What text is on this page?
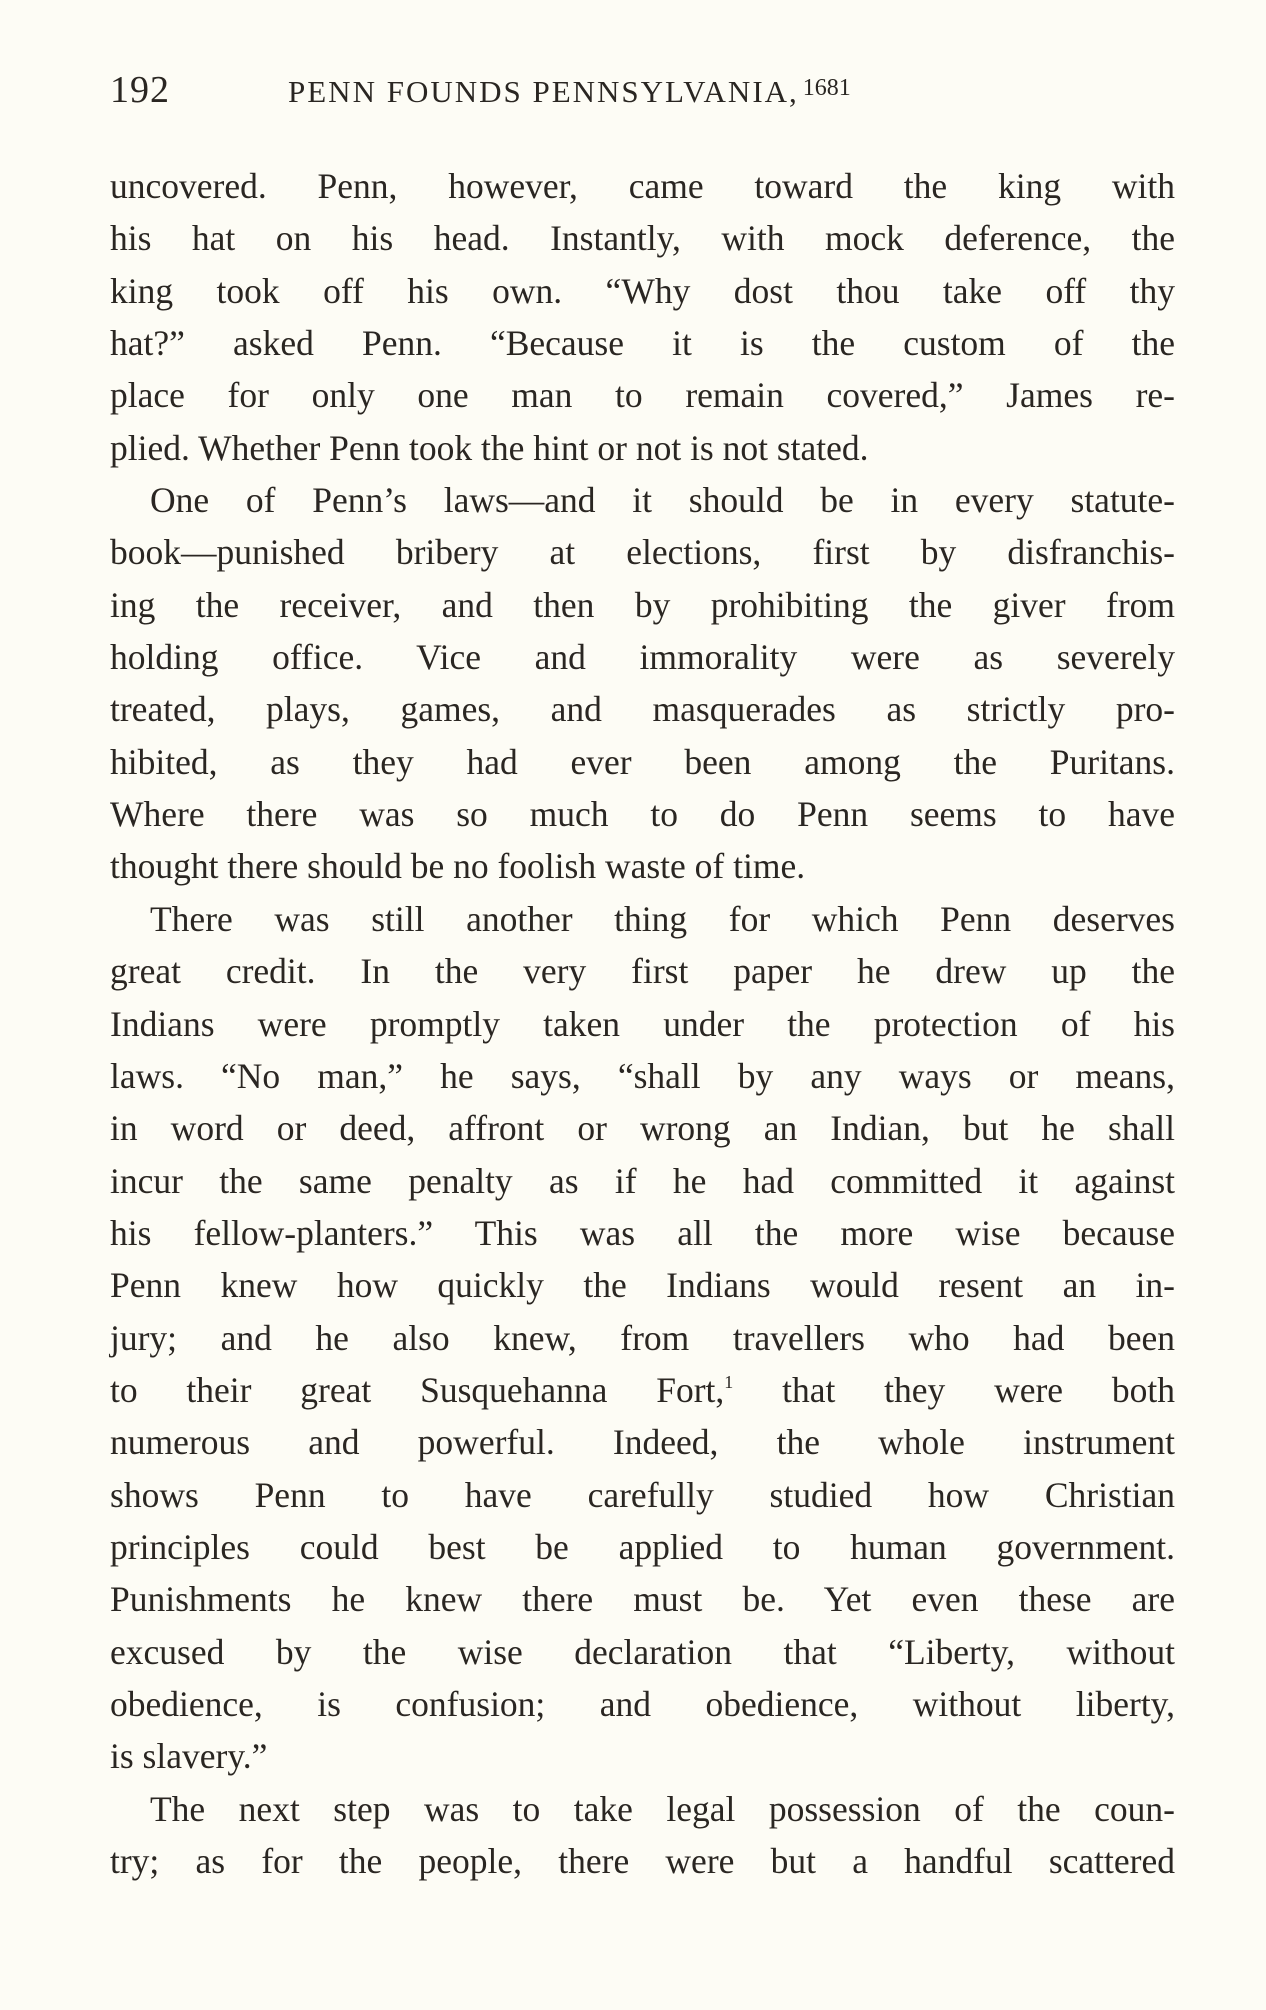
192	PENN FOUNDS PENNSYLVANIA, $^{1681}$
uncovered. Penn, however, came toward the king with
his hat on his head. Instantly, with mock deference, the
king took off his own. “Why dost thou take off thy
hat?” asked Penn. “Because it is the custom of the
place for only one man to remain covered,” James re-
plied. Whether Penn took the hint or not is not stated.
One of Penn’s laws—and it should be in every statute-
book—punished bribery at elections, first by disfranchis-
ing the receiver, and then by prohibiting the giver from
holding office. Vice and immorality were as severely
treated, plays, games, and masquerades as strictly pro-
hibited, as they had ever been among the Puritans.
Where there was so much to do Penn seems to have
thought there should be no foolish waste of time.
There was still another thing for which Penn deserves
great credit. In the very first paper he drew up the
Indians were promptly taken under the protection of his
laws. “No man,” he says, “shall by any ways or means,
in word or deed, affront or wrong an Indian, but he shall
incur the same penalty as if he had committed it against
his fellow-planters.” This was all the more wise because
Penn knew how quickly the Indians would resent an in-
jury; and he also knew, from travellers who had been
to their great Susquehanna Fort,$^1$ that they were both
numerous and powerful. Indeed, the whole instrument
shows Penn to have carefully studied how Christian
principles could best be applied to human government.
Punishments he knew there must be. Yet even these are
excused by the wise declaration that “Liberty, without
obedience, is confusion; and obedience, without liberty,
is slavery.”
The next step was to take legal possession of the coun-
try; as for the people, there were but a handful scattered
